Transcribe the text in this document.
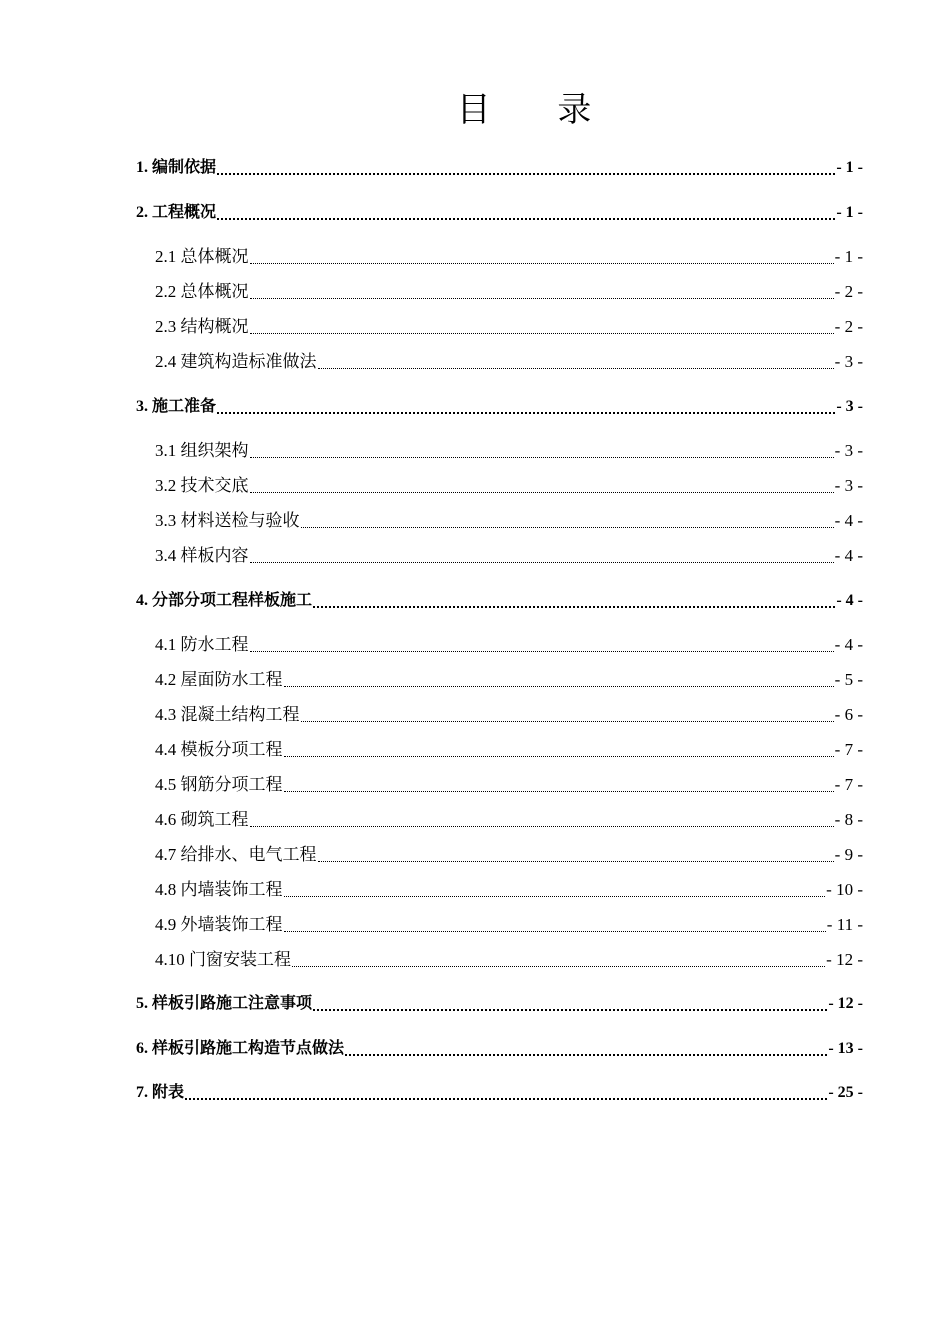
目 录
1. 编制依据	- 1 -
2. 工程概况	- 1 -
2.1 总体概况	- 1 -
2.2 总体概况	- 2 -
2.3 结构概况	- 2 -
2.4 建筑构造标准做法	- 3 -
3. 施工准备	- 3 -
3.1 组织架构	- 3 -
3.2 技术交底	- 3 -
3.3 材料送检与验收	- 4 -
3.4 样板内容	- 4 -
4. 分部分项工程样板施工	- 4 -
4.1 防水工程	- 4 -
4.2 屋面防水工程	- 5 -
4.3 混凝土结构工程	- 6 -
4.4 模板分项工程	- 7 -
4.5 钢筋分项工程	- 7 -
4.6 砌筑工程	- 8 -
4.7 给排水、电气工程	- 9 -
4.8 内墙装饰工程	- 10 -
4.9 外墙装饰工程	- 11 -
4.10 门窗安装工程	- 12 -
5. 样板引路施工注意事项	- 12 -
6. 样板引路施工构造节点做法	- 13 -
7. 附表	- 25 -
